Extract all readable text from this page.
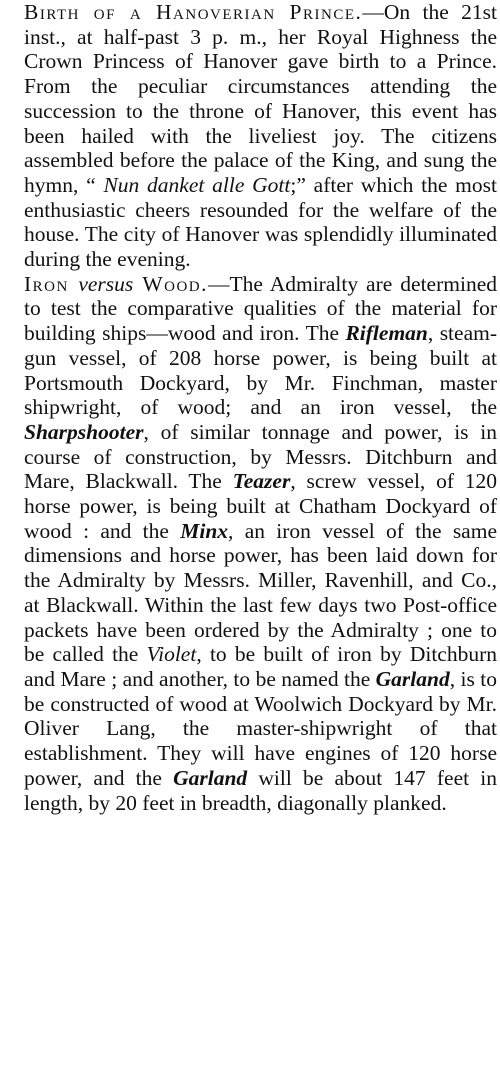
Birth of a Hanoverian Prince.—On the 21st inst., at half-past 3 p. m., her Royal Highness the Crown Princess of Hanover gave birth to a Prince. From the peculiar circumstances attending the succession to the throne of Hanover, this event has been hailed with the liveliest joy. The citizens assembled before the palace of the King, and sung the hymn, “ Nun danket alle Gott;” after which the most enthusiastic cheers resounded for the welfare of the house. The city of Hanover was splendidly illuminated during the evening.

Iron versus Wood.—The Admiralty are determined to test the comparative qualities of the material for building ships—wood and iron. The Rifleman, steam-gun vessel, of 208 horse power, is being built at Portsmouth Dockyard, by Mr. Finchman, master shipwright, of wood; and an iron vessel, the Sharpshooter, of similar tonnage and power, is in course of construction, by Messrs. Ditchburn and Mare, Blackwall. The Teazer, screw vessel, of 120 horse power, is being built at Chatham Dockyard of wood : and the Minx, an iron vessel of the same dimensions and horse power, has been laid down for the Admiralty by Messrs. Miller, Ravenhill, and Co., at Blackwall. Within the last few days two Post-office packets have been ordered by the Admiralty ; one to be called the Violet, to be built of iron by Ditchburn and Mare ; and another, to be named the Garland, is to be constructed of wood at Woolwich Dockyard by Mr. Oliver Lang, the master-shipwright of that establishment. They will have engines of 120 horse power, and the Garland will be about 147 feet in length, by 20 feet in breadth, diagonally planked.
